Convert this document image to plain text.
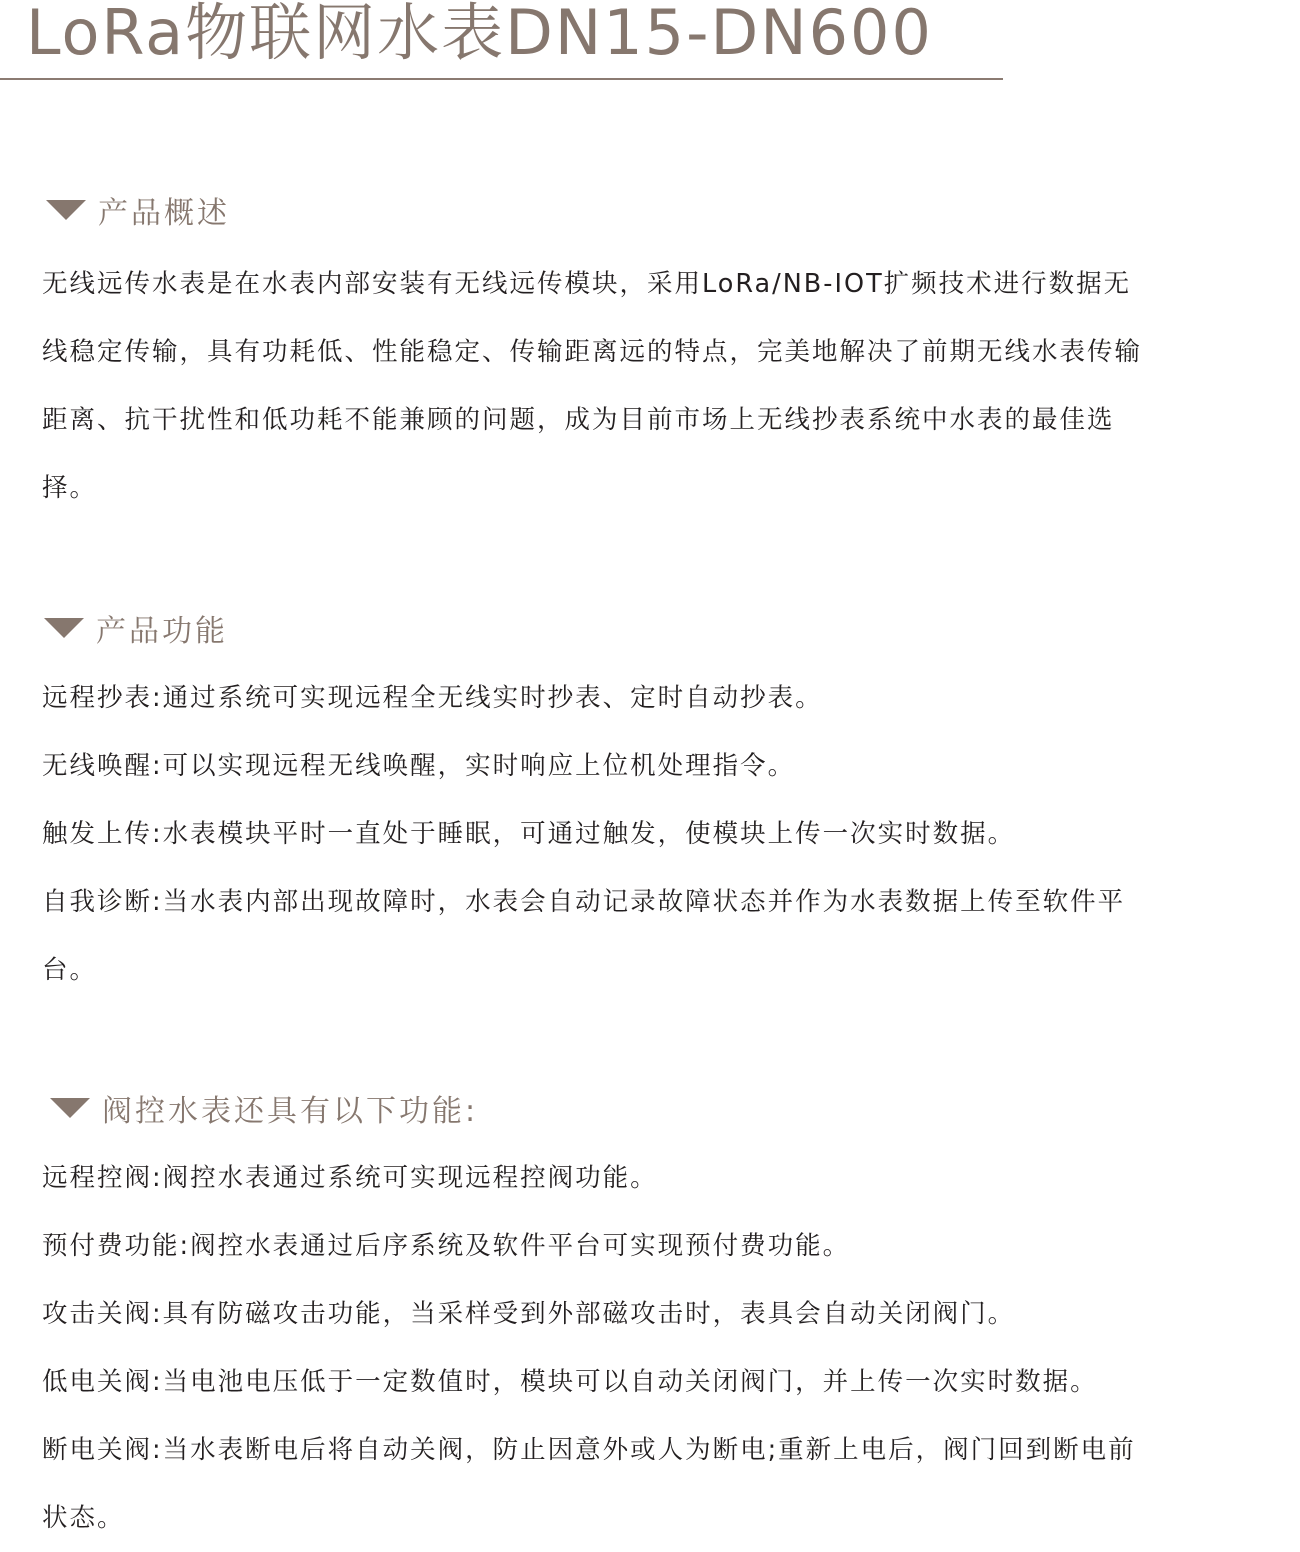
LoRa物联网水表DN15-DN600
产品概述
无线远传水表是在水表内部安装有无线远传模块，采用LoRa/NB-IOT扩频技术进行数据无
线稳定传输，具有功耗低、性能稳定、传输距离远的特点，完美地解决了前期无线水表传输
距离、抗干扰性和低功耗不能兼顾的问题，成为目前市场上无线抄表系统中水表的最佳选
择。
产品功能
远程抄表:通过系统可实现远程全无线实时抄表、定时自动抄表。
无线唤醒:可以实现远程无线唤醒，实时响应上位机处理指令。
触发上传:水表模块平时一直处于睡眠，可通过触发，使模块上传一次实时数据。
自我诊断:当水表内部出现故障时，水表会自动记录故障状态并作为水表数据上传至软件平
台。
阀控水表还具有以下功能:
远程控阀:阀控水表通过系统可实现远程控阀功能。
预付费功能:阀控水表通过后序系统及软件平台可实现预付费功能。
攻击关阀:具有防磁攻击功能，当采样受到外部磁攻击时，表具会自动关闭阀门。
低电关阀:当电池电压低于一定数值时，模块可以自动关闭阀门，并上传一次实时数据。
断电关阀:当水表断电后将自动关阀，防止因意外或人为断电;重新上电后，阀门回到断电前
状态。
